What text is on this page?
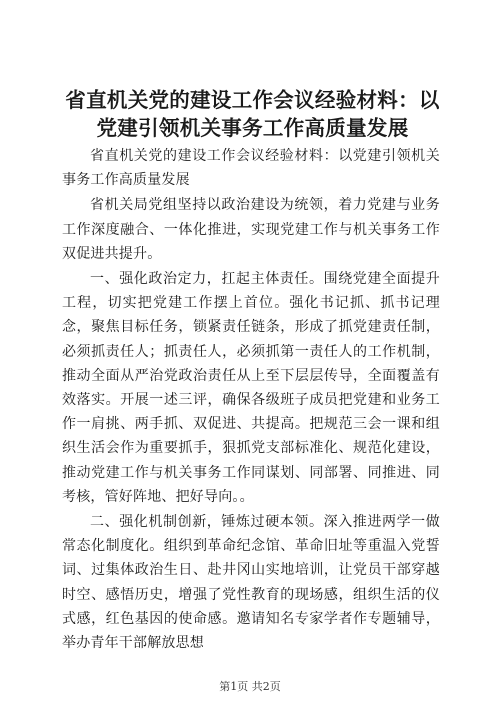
省直机关党的建设工作会议经验材料：以党建引领机关事务工作高质量发展

省直机关党的建设工作会议经验材料：以党建引领机关事务工作高质量发展

省机关局党组坚持以政治建设为统领，着力党建与业务工作深度融合、一体化推进，实现党建工作与机关事务工作双促进共提升。

一、强化政治定力，扛起主体责任。围绕党建全面提升工程，切实把党建工作摆上首位。强化书记抓、抓书记理念，聚焦目标任务，锁紧责任链条，形成了抓党建责任制，必须抓责任人；抓责任人，必须抓第一责任人的工作机制，推动全面从严治党政治责任从上至下层层传导，全面覆盖有效落实。开展一述三评，确保各级班子成员把党建和业务工作一肩挑、两手抓、双促进、共提高。把规范三会一课和组织生活会作为重要抓手，狠抓党支部标准化、规范化建设，推动党建工作与机关事务工作同谋划、同部署、同推进、同考核，管好阵地、把好导向。。

二、强化机制创新，锤炼过硬本领。深入推进两学一做常态化制度化。组织到革命纪念馆、革命旧址等重温入党誓词、过集体政治生日、赴井冈山实地培训，让党员干部穿越时空、感悟历史，增强了党性教育的现场感，组织生活的仪式感，红色基因的使命感。邀请知名专家学者作专题辅导，举办青年干部解放思想

第1页 共2页
